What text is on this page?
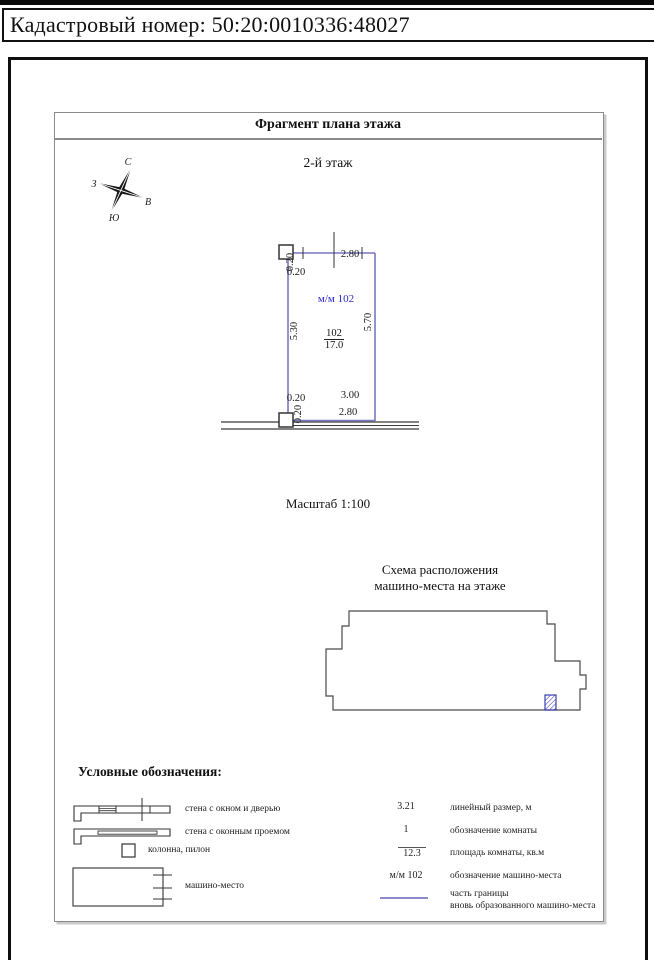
Кадастровый номер: 50:20:0010336:48027
Фрагмент плана этажа
2-й этаж
С
З
В
Ю
2.80
0.20
0.20
5.30	5.70
м/м 102
$\frac{102}{17.0}$
3.00
2.80
0.20
0.20
Масштаб 1:100
Схема расположения
машино-места на этаже
Условные обозначения:
стена с окном и дверью
стена с оконным проемом
колонна, пилон
машино-место
3.21	линейный размер, м
1	обозначение комнаты
12.3	площадь комнаты, кв.м
м/м 102	обозначение машино-места
часть границы
вновь образованного машино-места
